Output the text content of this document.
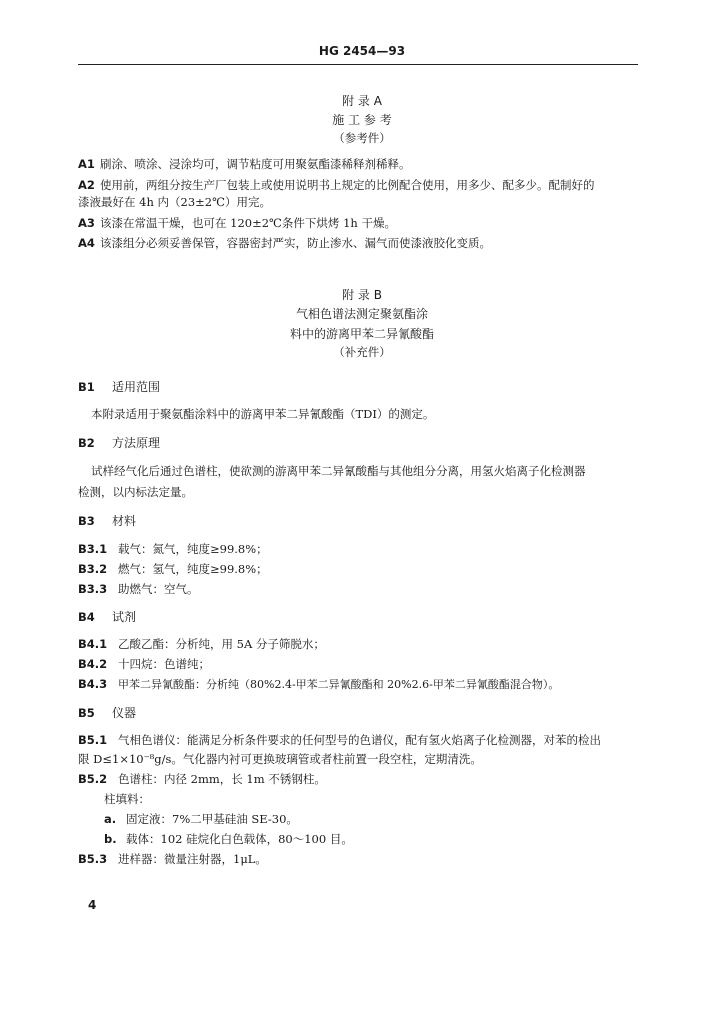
HG 2454—93
附 录 A
施 工 参 考
（参考件）
A1 刷涂、喷涂、浸涂均可，调节粘度可用聚氨酯漆稀释剂稀释。
A2 使用前，两组分按生产厂包装上或使用说明书上规定的比例配合使用，用多少、配多少。配制好的
漆液最好在 4h 内（23±2℃）用完。
A3 该漆在常温干燥，也可在 120±2℃条件下烘烤 1h 干燥。
A4 该漆组分必须妥善保管，容器密封严实，防止渗水、漏气而使漆液胶化变质。
附 录 B
气相色谱法测定聚氨酯涂
料中的游离甲苯二异氰酸酯
（补充件）
B1 适用范围
本附录适用于聚氨酯涂料中的游离甲苯二异氰酸酯（TDI）的测定。
B2 方法原理
试样经气化后通过色谱柱，使欲测的游离甲苯二异氰酸酯与其他组分分离，用氢火焰离子化检测器
检测，以内标法定量。
B3 材料
B3.1 载气：氮气，纯度≥99.8%；
B3.2 燃气：氢气，纯度≥99.8%；
B3.3 助燃气：空气。
B4 试剂
B4.1 乙酸乙酯：分析纯，用 5A 分子筛脱水；
B4.2 十四烷：色谱纯；
B4.3 甲苯二异氰酸酯：分析纯（80%2.4-甲苯二异氰酸酯和 20%2.6-甲苯二异氰酸酯混合物）。
B5 仪器
B5.1 气相色谱仪：能满足分析条件要求的任何型号的色谱仪，配有氢火焰离子化检测器，对苯的检出
限 D≤1×10⁻⁸g/s。气化器内衬可更换玻璃管或者柱前置一段空柱，定期清洗。
B5.2 色谱柱：内径 2mm，长 1m 不锈钢柱。
柱填料：
a. 固定液：7%二甲基硅油 SE-30。
b. 载体：102 硅烷化白色载体，80～100 目。
B5.3 进样器：微量注射器，1μL。
4
